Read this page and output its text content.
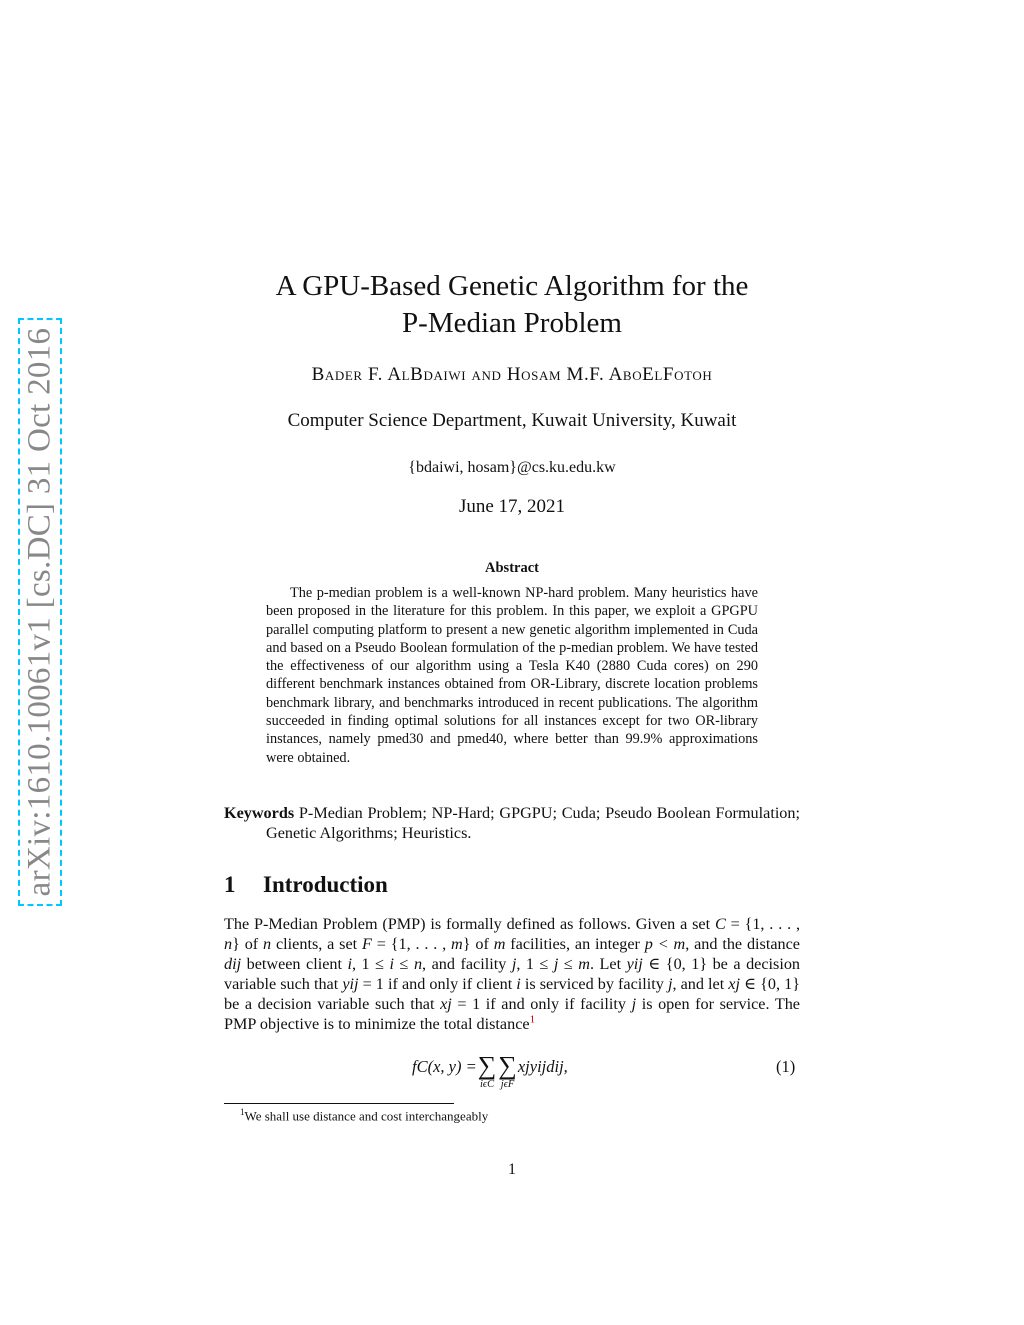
arXiv:1610.10061v1 [cs.DC] 31 Oct 2016
A GPU-Based Genetic Algorithm for the
P-Median Problem
Bader F. AlBdaiwi and Hosam M.F. AboElFotoh
Computer Science Department, Kuwait University, Kuwait
{bdaiwi, hosam}@cs.ku.edu.kw
June 17, 2021
Abstract
The p-median problem is a well-known NP-hard problem. Many heuristics have been proposed in the literature for this problem. In this paper, we exploit a GPGPU parallel computing platform to present a new genetic algorithm implemented in Cuda and based on a Pseudo Boolean formulation of the p-median problem. We have tested the effectiveness of our algorithm using a Tesla K40 (2880 Cuda cores) on 290 different benchmark instances obtained from OR-Library, discrete location problems benchmark library, and benchmarks introduced in recent publications. The algorithm succeeded in finding optimal solutions for all instances except for two OR-library instances, namely pmed30 and pmed40, where better than 99.9% approximations were obtained.
Keywords P-Median Problem; NP-Hard; GPGPU; Cuda; Pseudo Boolean Formulation; Genetic Algorithms; Heuristics.
1 Introduction
The P-Median Problem (PMP) is formally defined as follows. Given a set C = {1, . . . , n} of n clients, a set F = {1, . . . , m} of m facilities, an integer p < m, and the distance dij between client i, 1 ≤ i ≤ n, and facility j, 1 ≤ j ≤ m. Let yij ∈ {0, 1} be a decision variable such that yij = 1 if and only if client i is serviced by facility j, and let xj ∈ {0, 1} be a decision variable such that xj = 1 if and only if facility j is open for service. The PMP objective is to minimize the total distance$^1$
fC(x, y) = ∑
iϵC
∑
jϵF
xjyijdij,	(1)
$^1$We shall use distance and cost interchangeably
1
